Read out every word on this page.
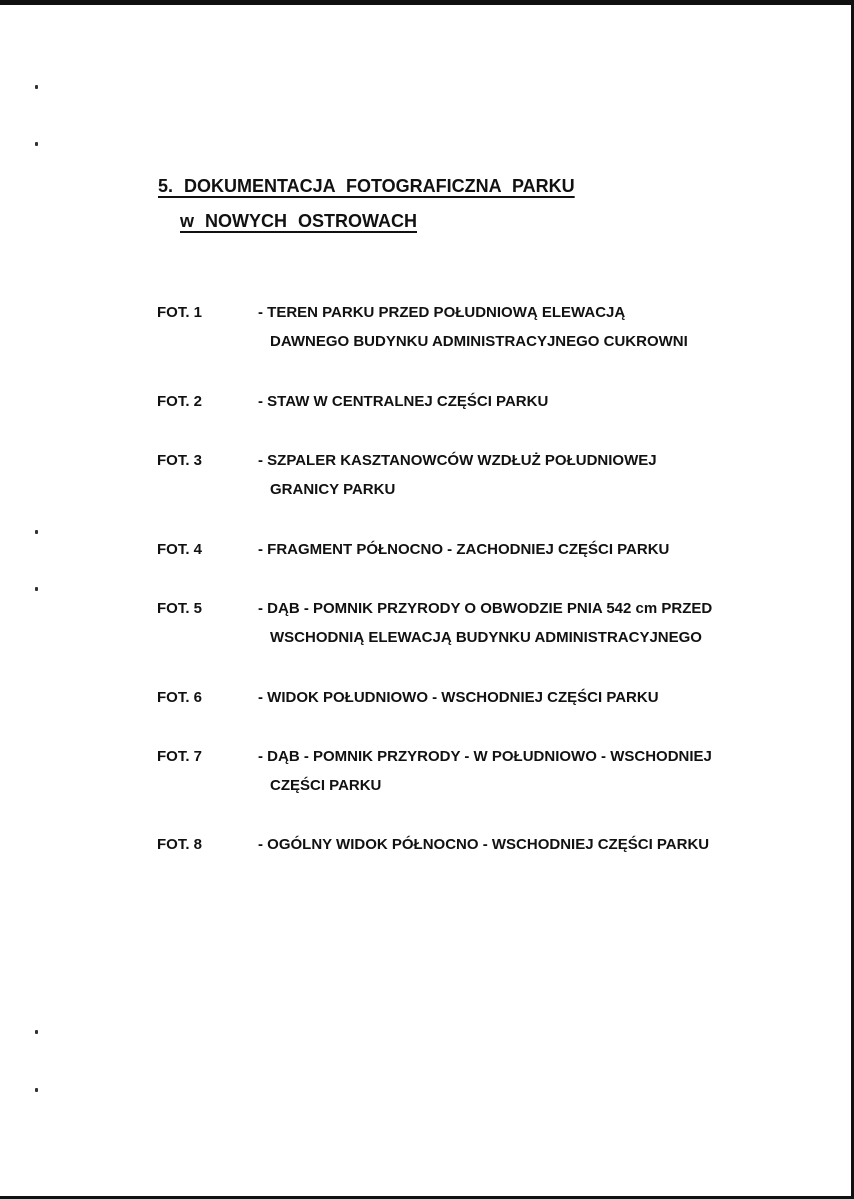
5. DOKUMENTACJA FOTOGRAFICZNA PARKU
w NOWYCH OSTROWACH
FOT. 1	- TEREN PARKU PRZED POŁUDNIOWĄ ELEWACJĄ
DAWNEGO BUDYNKU ADMINISTRACYJNEGO CUKROWNI
FOT. 2	- STAW W CENTRALNEJ CZĘŚCI PARKU
FOT. 3	- SZPALER KASZTANOWCÓW WZDŁUŻ POŁUDNIOWEJ
GRANICY PARKU
FOT. 4	- FRAGMENT PÓŁNOCNO - ZACHODNIEJ CZĘŚCI PARKU
FOT. 5	- DĄB - POMNIK PRZYRODY O OBWODZIE PNIA 542 cm PRZED
WSCHODNIĄ ELEWACJĄ BUDYNKU ADMINISTRACYJNEGO
FOT. 6	- WIDOK POŁUDNIOWO - WSCHODNIEJ CZĘŚCI PARKU
FOT. 7	- DĄB - POMNIK PRZYRODY - W POŁUDNIOWO - WSCHODNIEJ
CZĘŚCI PARKU
FOT. 8	- OGÓLNY WIDOK PÓŁNOCNO - WSCHODNIEJ CZĘŚCI PARKU
